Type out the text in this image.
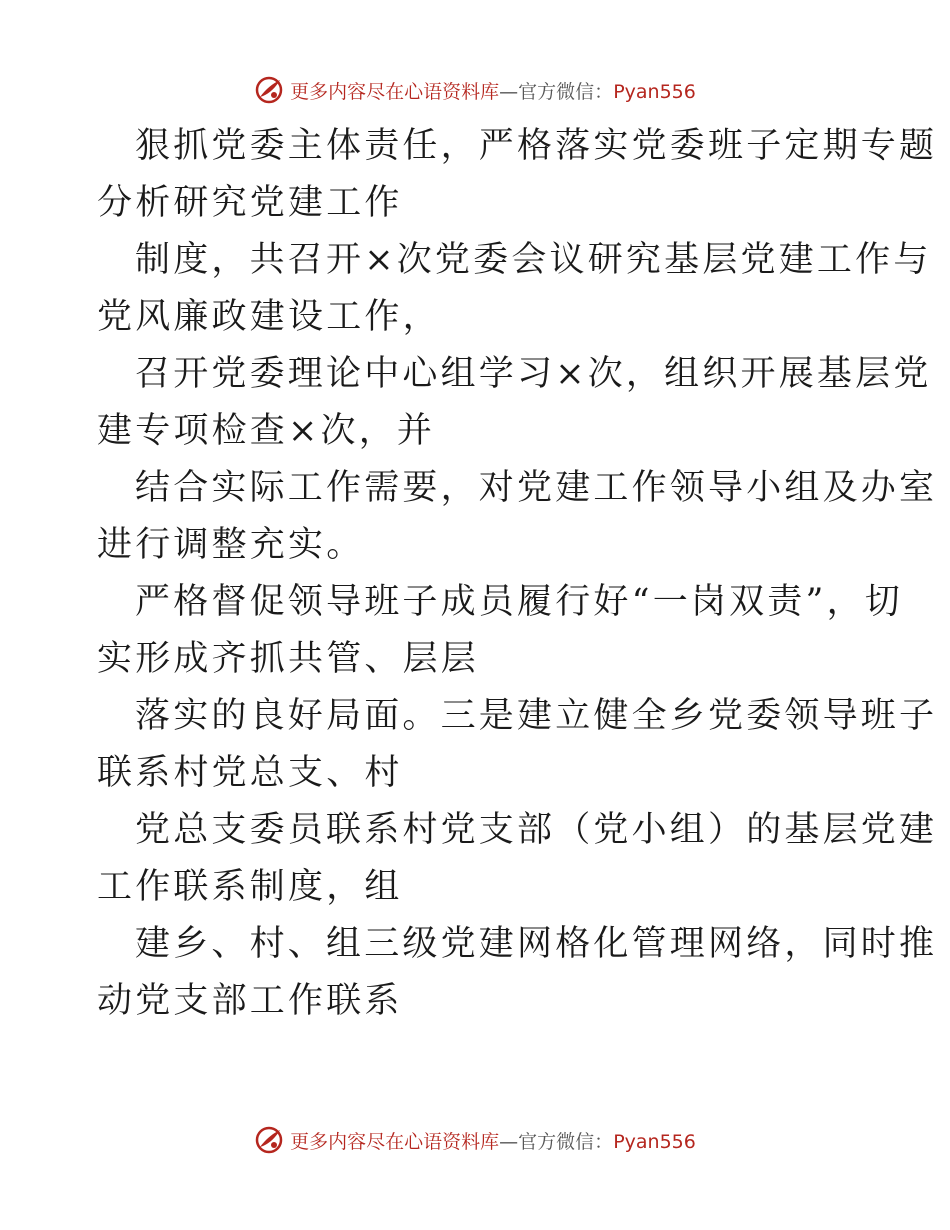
更多内容尽在心语资料库—官方微信：Pyan556
狠抓党委主体责任，严格落实党委班子定期专题
分析研究党建工作
制度，共召开×次党委会议研究基层党建工作与
党风廉政建设工作，
召开党委理论中心组学习×次，组织开展基层党
建专项检查×次，并
结合实际工作需要，对党建工作领导小组及办室
进行调整充实。
严格督促领导班子成员履行好“一岗双责”，切
实形成齐抓共管、层层
落实的良好局面。三是建立健全乡党委领导班子
联系村党总支、村
党总支委员联系村党支部（党小组）的基层党建
工作联系制度，组
建乡、村、组三级党建网格化管理网络，同时推
动党支部工作联系
更多内容尽在心语资料库—官方微信：Pyan556
